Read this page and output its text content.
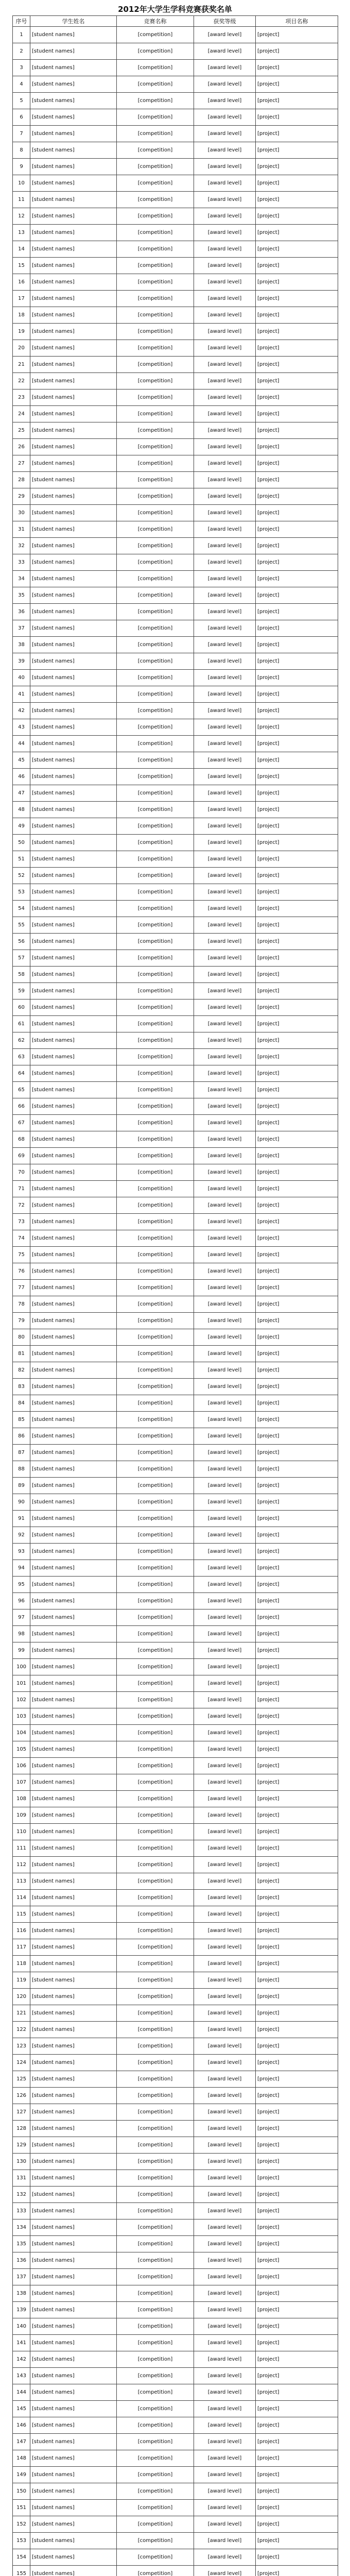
2012年大学生学科竞赛获奖名单
序号	学生姓名	竞赛名称	获奖等级	项目名称
1	[student names]	[competition]	[award level]	[project]
2	[student names]	[competition]	[award level]	[project]
3	[student names]	[competition]	[award level]	[project]
4	[student names]	[competition]	[award level]	[project]
5	[student names]	[competition]	[award level]	[project]
6	[student names]	[competition]	[award level]	[project]
7	[student names]	[competition]	[award level]	[project]
8	[student names]	[competition]	[award level]	[project]
9	[student names]	[competition]	[award level]	[project]
10	[student names]	[competition]	[award level]	[project]
11	[student names]	[competition]	[award level]	[project]
12	[student names]	[competition]	[award level]	[project]
13	[student names]	[competition]	[award level]	[project]
14	[student names]	[competition]	[award level]	[project]
15	[student names]	[competition]	[award level]	[project]
16	[student names]	[competition]	[award level]	[project]
17	[student names]	[competition]	[award level]	[project]
18	[student names]	[competition]	[award level]	[project]
19	[student names]	[competition]	[award level]	[project]
20	[student names]	[competition]	[award level]	[project]
21	[student names]	[competition]	[award level]	[project]
22	[student names]	[competition]	[award level]	[project]
23	[student names]	[competition]	[award level]	[project]
24	[student names]	[competition]	[award level]	[project]
25	[student names]	[competition]	[award level]	[project]
26	[student names]	[competition]	[award level]	[project]
27	[student names]	[competition]	[award level]	[project]
28	[student names]	[competition]	[award level]	[project]
29	[student names]	[competition]	[award level]	[project]
30	[student names]	[competition]	[award level]	[project]
31	[student names]	[competition]	[award level]	[project]
32	[student names]	[competition]	[award level]	[project]
33	[student names]	[competition]	[award level]	[project]
34	[student names]	[competition]	[award level]	[project]
35	[student names]	[competition]	[award level]	[project]
36	[student names]	[competition]	[award level]	[project]
37	[student names]	[competition]	[award level]	[project]
38	[student names]	[competition]	[award level]	[project]
39	[student names]	[competition]	[award level]	[project]
40	[student names]	[competition]	[award level]	[project]
41	[student names]	[competition]	[award level]	[project]
42	[student names]	[competition]	[award level]	[project]
43	[student names]	[competition]	[award level]	[project]
44	[student names]	[competition]	[award level]	[project]
45	[student names]	[competition]	[award level]	[project]
46	[student names]	[competition]	[award level]	[project]
47	[student names]	[competition]	[award level]	[project]
48	[student names]	[competition]	[award level]	[project]
49	[student names]	[competition]	[award level]	[project]
50	[student names]	[competition]	[award level]	[project]
51	[student names]	[competition]	[award level]	[project]
52	[student names]	[competition]	[award level]	[project]
53	[student names]	[competition]	[award level]	[project]
54	[student names]	[competition]	[award level]	[project]
55	[student names]	[competition]	[award level]	[project]
56	[student names]	[competition]	[award level]	[project]
57	[student names]	[competition]	[award level]	[project]
58	[student names]	[competition]	[award level]	[project]
59	[student names]	[competition]	[award level]	[project]
60	[student names]	[competition]	[award level]	[project]
61	[student names]	[competition]	[award level]	[project]
62	[student names]	[competition]	[award level]	[project]
63	[student names]	[competition]	[award level]	[project]
64	[student names]	[competition]	[award level]	[project]
65	[student names]	[competition]	[award level]	[project]
66	[student names]	[competition]	[award level]	[project]
67	[student names]	[competition]	[award level]	[project]
68	[student names]	[competition]	[award level]	[project]
69	[student names]	[competition]	[award level]	[project]
70	[student names]	[competition]	[award level]	[project]
71	[student names]	[competition]	[award level]	[project]
72	[student names]	[competition]	[award level]	[project]
73	[student names]	[competition]	[award level]	[project]
74	[student names]	[competition]	[award level]	[project]
75	[student names]	[competition]	[award level]	[project]
76	[student names]	[competition]	[award level]	[project]
77	[student names]	[competition]	[award level]	[project]
78	[student names]	[competition]	[award level]	[project]
79	[student names]	[competition]	[award level]	[project]
80	[student names]	[competition]	[award level]	[project]
81	[student names]	[competition]	[award level]	[project]
82	[student names]	[competition]	[award level]	[project]
83	[student names]	[competition]	[award level]	[project]
84	[student names]	[competition]	[award level]	[project]
85	[student names]	[competition]	[award level]	[project]
86	[student names]	[competition]	[award level]	[project]
87	[student names]	[competition]	[award level]	[project]
88	[student names]	[competition]	[award level]	[project]
89	[student names]	[competition]	[award level]	[project]
90	[student names]	[competition]	[award level]	[project]
91	[student names]	[competition]	[award level]	[project]
92	[student names]	[competition]	[award level]	[project]
93	[student names]	[competition]	[award level]	[project]
94	[student names]	[competition]	[award level]	[project]
95	[student names]	[competition]	[award level]	[project]
96	[student names]	[competition]	[award level]	[project]
97	[student names]	[competition]	[award level]	[project]
98	[student names]	[competition]	[award level]	[project]
99	[student names]	[competition]	[award level]	[project]
100	[student names]	[competition]	[award level]	[project]
101	[student names]	[competition]	[award level]	[project]
102	[student names]	[competition]	[award level]	[project]
103	[student names]	[competition]	[award level]	[project]
104	[student names]	[competition]	[award level]	[project]
105	[student names]	[competition]	[award level]	[project]
106	[student names]	[competition]	[award level]	[project]
107	[student names]	[competition]	[award level]	[project]
108	[student names]	[competition]	[award level]	[project]
109	[student names]	[competition]	[award level]	[project]
110	[student names]	[competition]	[award level]	[project]
111	[student names]	[competition]	[award level]	[project]
112	[student names]	[competition]	[award level]	[project]
113	[student names]	[competition]	[award level]	[project]
114	[student names]	[competition]	[award level]	[project]
115	[student names]	[competition]	[award level]	[project]
116	[student names]	[competition]	[award level]	[project]
117	[student names]	[competition]	[award level]	[project]
118	[student names]	[competition]	[award level]	[project]
119	[student names]	[competition]	[award level]	[project]
120	[student names]	[competition]	[award level]	[project]
121	[student names]	[competition]	[award level]	[project]
122	[student names]	[competition]	[award level]	[project]
123	[student names]	[competition]	[award level]	[project]
124	[student names]	[competition]	[award level]	[project]
125	[student names]	[competition]	[award level]	[project]
126	[student names]	[competition]	[award level]	[project]
127	[student names]	[competition]	[award level]	[project]
128	[student names]	[competition]	[award level]	[project]
129	[student names]	[competition]	[award level]	[project]
130	[student names]	[competition]	[award level]	[project]
131	[student names]	[competition]	[award level]	[project]
132	[student names]	[competition]	[award level]	[project]
133	[student names]	[competition]	[award level]	[project]
134	[student names]	[competition]	[award level]	[project]
135	[student names]	[competition]	[award level]	[project]
136	[student names]	[competition]	[award level]	[project]
137	[student names]	[competition]	[award level]	[project]
138	[student names]	[competition]	[award level]	[project]
139	[student names]	[competition]	[award level]	[project]
140	[student names]	[competition]	[award level]	[project]
141	[student names]	[competition]	[award level]	[project]
142	[student names]	[competition]	[award level]	[project]
143	[student names]	[competition]	[award level]	[project]
144	[student names]	[competition]	[award level]	[project]
145	[student names]	[competition]	[award level]	[project]
146	[student names]	[competition]	[award level]	[project]
147	[student names]	[competition]	[award level]	[project]
148	[student names]	[competition]	[award level]	[project]
149	[student names]	[competition]	[award level]	[project]
150	[student names]	[competition]	[award level]	[project]
151	[student names]	[competition]	[award level]	[project]
152	[student names]	[competition]	[award level]	[project]
153	[student names]	[competition]	[award level]	[project]
154	[student names]	[competition]	[award level]	[project]
155	[student names]	[competition]	[award level]	[project]
